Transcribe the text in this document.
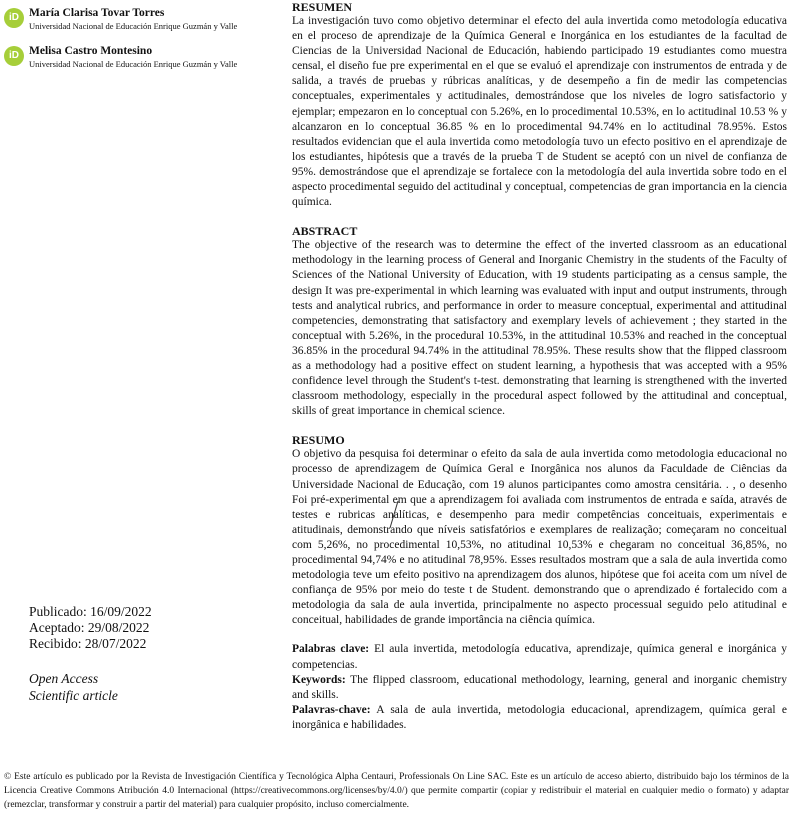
iD María Clarisa Tovar Torres
Universidad Nacional de Educación Enrique Guzmán y Valle
iD Melisa Castro Montesino
Universidad Nacional de Educación Enrique Guzmán y Valle
Publicado: 16/09/2022
Aceptado: 29/08/2022
Recibido: 28/07/2022
Open Access
Scientific article
RESUMEN

La investigación tuvo como objetivo determinar el efecto del aula invertida como metodología educativa en el proceso de aprendizaje de la Química General e Inorgánica en los estudiantes de la facultad de Ciencias de la Universidad Nacional de Educación, habiendo participado 19 estudiantes como muestra censal, el diseño fue pre experimental en el que se evaluó el aprendizaje con instrumentos de entrada y de salida, a través de pruebas y rúbricas analíticas, y de desempeño a fin de medir las competencias conceptuales, experimentales y actitudinales, demostrándose que los niveles de logro satisfactorio y ejemplar; empezaron en lo conceptual con 5.26%, en lo procedimental 10.53%, en lo actitudinal 10.53 % y alcanzaron en lo conceptual 36.85 % en lo procedimental 94.74% en lo actitudinal 78.95%. Estos resultados evidencian que el aula invertida como metodología tuvo un efecto positivo en el aprendizaje de los estudiantes, hipótesis que a través de la prueba T de Student se aceptó con un nivel de confianza de 95%. demostrándose que el aprendizaje se fortalece con la metodología del aula invertida sobre todo en el aspecto procedimental seguido del actitudinal y conceptual, competencias de gran importancia en la ciencia química.

ABSTRACT

The objective of the research was to determine the effect of the inverted classroom as an educational methodology in the learning process of General and Inorganic Chemistry in the students of the Faculty of Sciences of the National University of Education, with 19 students participating as a census sample, the design It was pre-experimental in which learning was evaluated with input and output instruments, through tests and analytical rubrics, and performance in order to measure conceptual, experimental and attitudinal competencies, demonstrating that satisfactory and exemplary levels of achievement ; they started in the conceptual with 5.26%, in the procedural 10.53%, in the attitudinal 10.53% and reached in the conceptual 36.85% in the procedural 94.74% in the attitudinal 78.95%. These results show that the flipped classroom as a methodology had a positive effect on student learning, a hypothesis that was accepted with a 95% confidence level through the Student's t-test. demonstrating that learning is strengthened with the inverted classroom methodology, especially in the procedural aspect followed by the attitudinal and conceptual, skills of great importance in chemical science.

RESUMO

O objetivo da pesquisa foi determinar o efeito da sala de aula invertida como metodologia educacional no processo de aprendizagem de Química Geral e Inorgânica nos alunos da Faculdade de Ciências da Universidade Nacional de Educação, com 19 alunos participantes como amostra censitária. . , o desenho Foi pré-experimental em que a aprendizagem foi avaliada com instrumentos de entrada e saída, através de testes e rubricas analíticas, e desempenho para medir competências conceituais, experimentais e atitudinais, demonstrando que níveis satisfatórios e exemplares de realização; começaram no conceitual com 5,26%, no procedimental 10,53%, no atitudinal 10,53% e chegaram no conceitual 36,85%, no procedimental 94,74% e no atitudinal 78,95%. Esses resultados mostram que a sala de aula invertida como metodologia teve um efeito positivo na aprendizagem dos alunos, hipótese que foi aceita com um nível de confiança de 95% por meio do teste t de Student. demonstrando que o aprendizado é fortalecido com a metodologia da sala de aula invertida, principalmente no aspecto processual seguido pelo atitudinal e conceitual, habilidades de grande importância na ciência química.

Palabras clave: El aula invertida, metodología educativa, aprendizaje, química general e inorgánica y competencias.

Keywords: The flipped classroom, educational methodology, learning, general and inorganic chemistry and skills.

Palavras-chave: A sala de aula invertida, metodologia educacional, aprendizagem, química geral e inorgânica e habilidades.

© Este artículo es publicado por la Revista de Investigación Científica y Tecnológica Alpha Centauri, Professionals On Line SAC. Este es un artículo de acceso abierto, distribuido bajo los términos de la Licencia Creative Commons Atribución 4.0 Internacional (https://creativecommons.org/licenses/by/4.0/) que permite compartir (copiar y redistribuir el material en cualquier medio o formato) y adaptar (remezclar, transformar y construir a partir del material) para cualquier propósito, incluso comercialmente.
